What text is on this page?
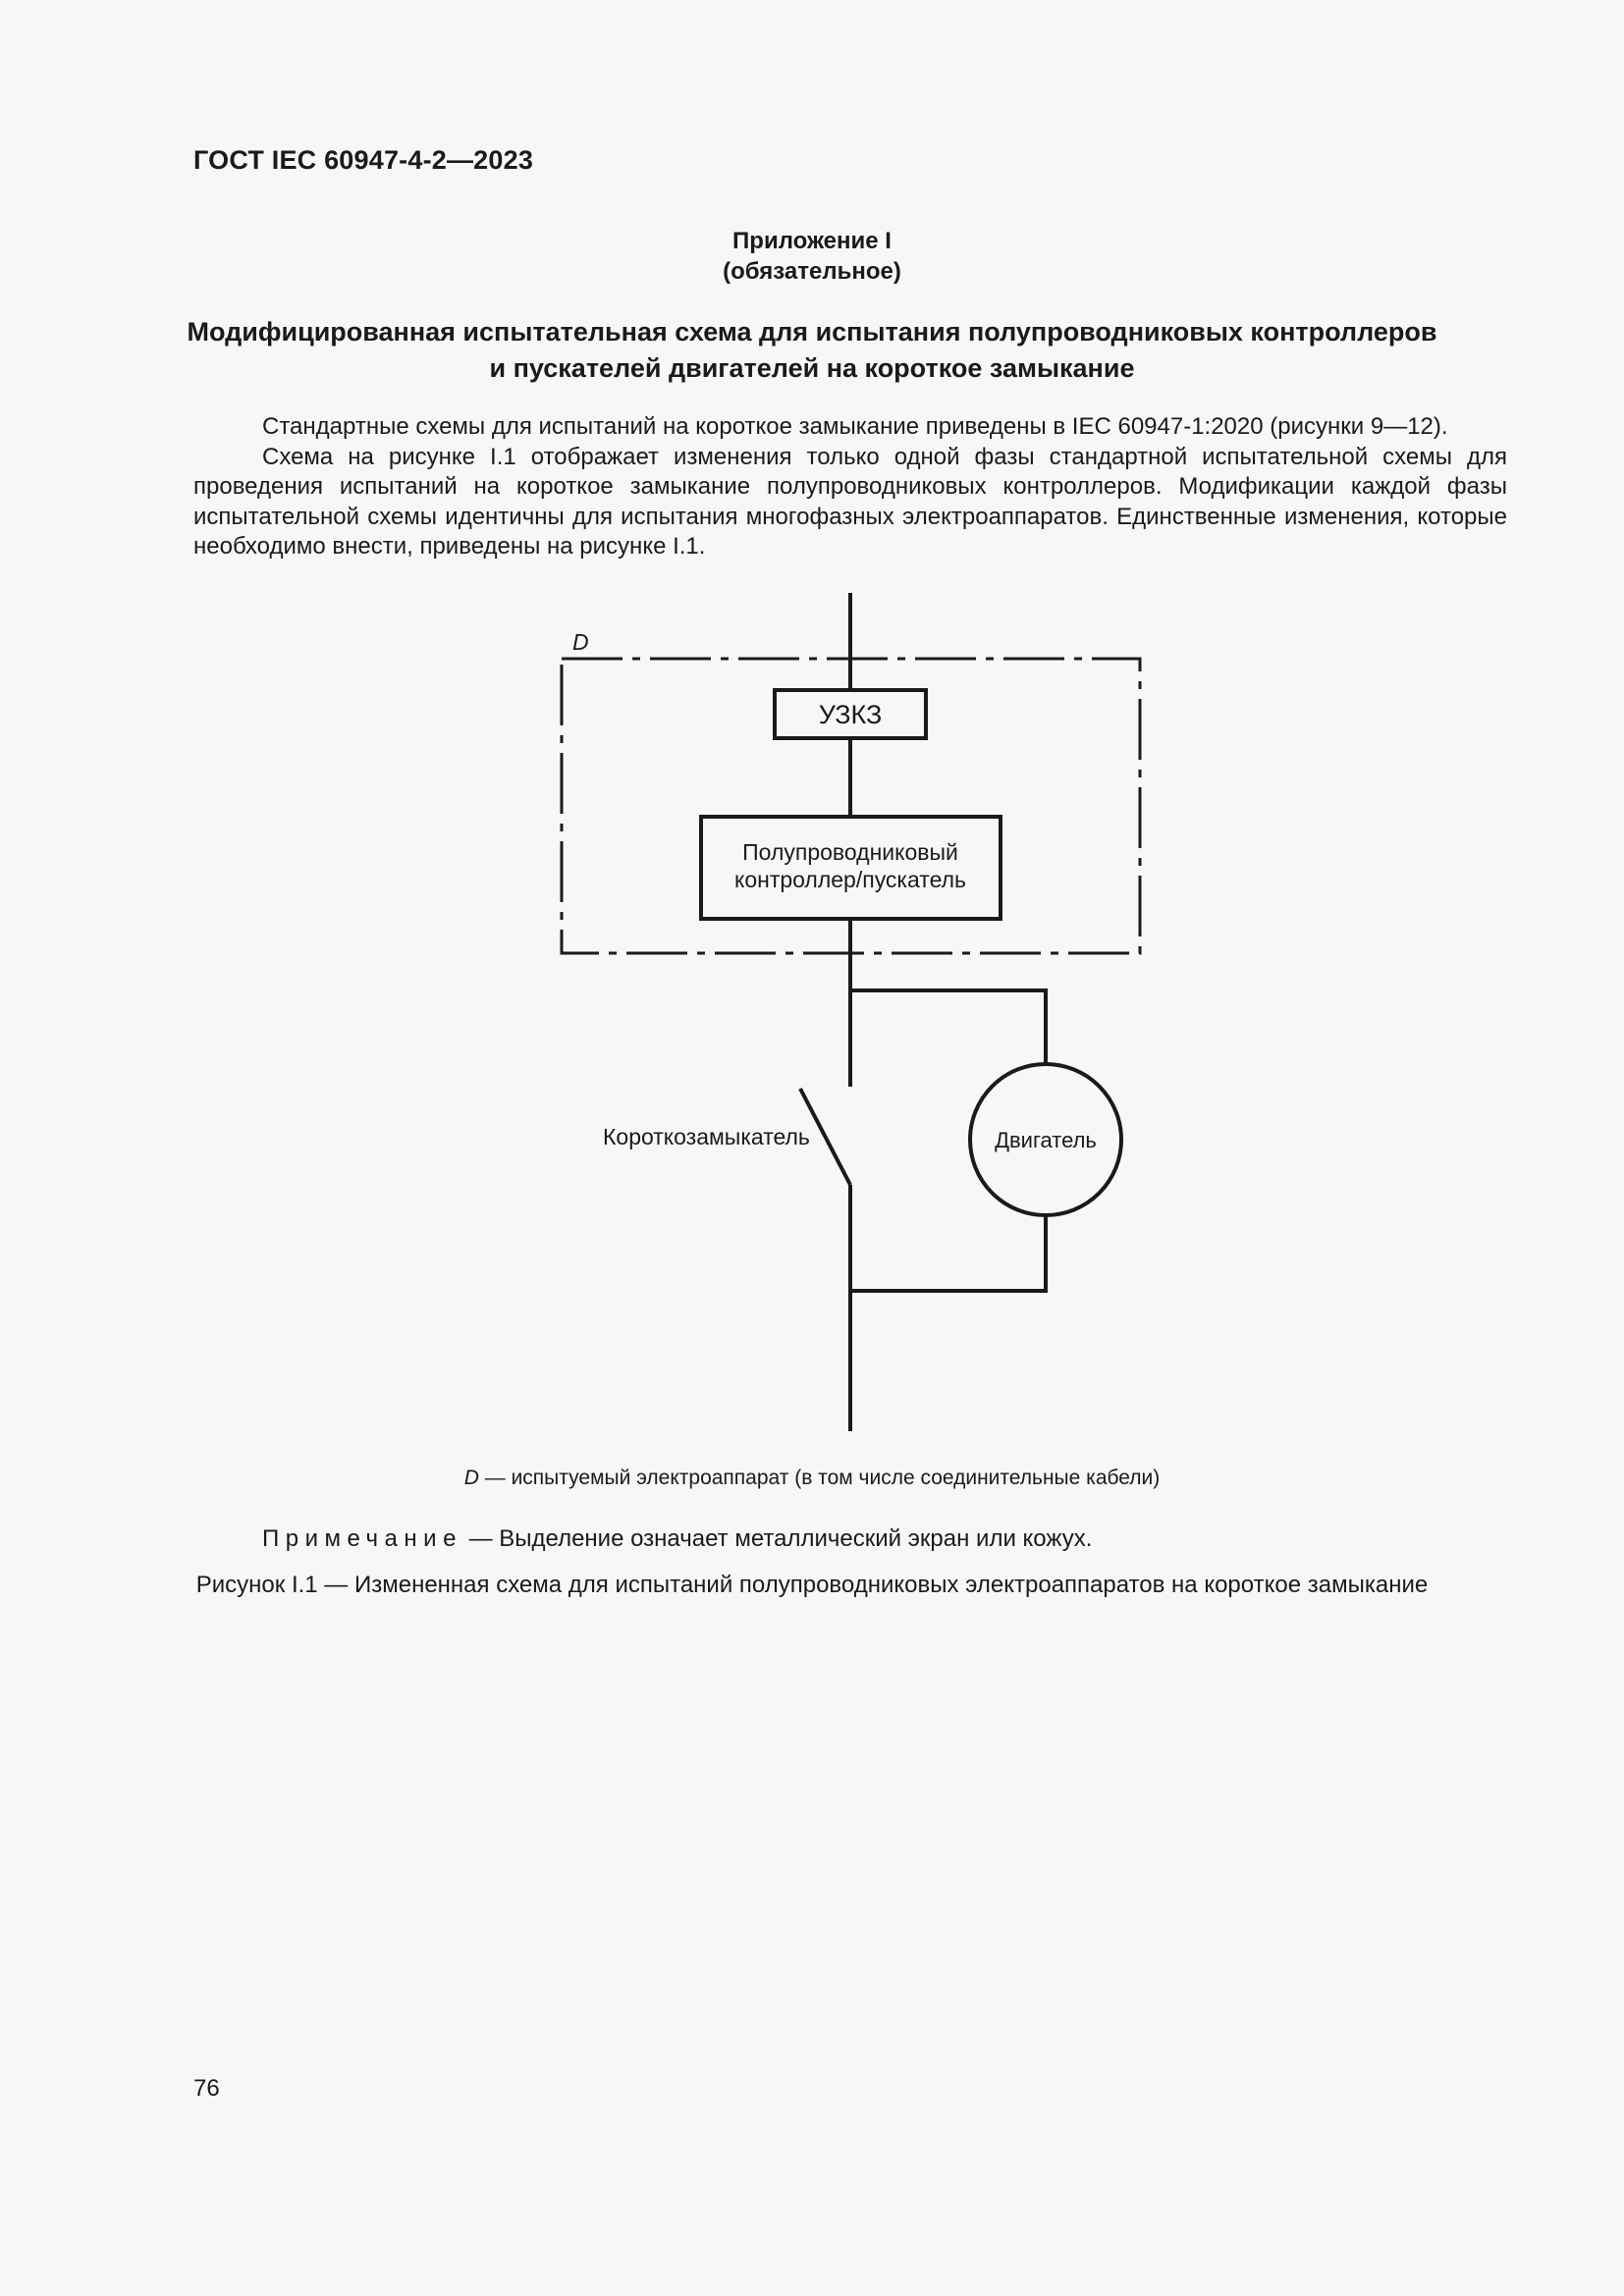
ГОСТ IEC 60947-4-2—2023
Приложение I
(обязательное)
Модифицированная испытательная схема для испытания полупроводниковых контроллеров
и пускателей двигателей на короткое замыкание

Стандартные схемы для испытаний на короткое замыкание приведены в IEC 60947-1:2020 (рисунки 9—12).

Схема на рисунке I.1 отображает изменения только одной фазы стандартной испытательной схемы для проведения испытаний на короткое замыкание полупроводниковых контроллеров. Модификации каждой фазы испытательной схемы идентичны для испытания многофазных электроаппаратов. Единственные изменения, которые необходимо внести, приведены на рисунке I.1.

D
УЗКЗ
Полупроводниковый
контроллер/пускатель
Короткозамыкатель	Двигатель
D — испытуемый электроаппарат (в том числе соединительные кабели)
Примечание — Выделение означает металлический экран или кожух.
Рисунок I.1 — Измененная схема для испытаний полупроводниковых электроаппаратов на короткое замыкание
76
